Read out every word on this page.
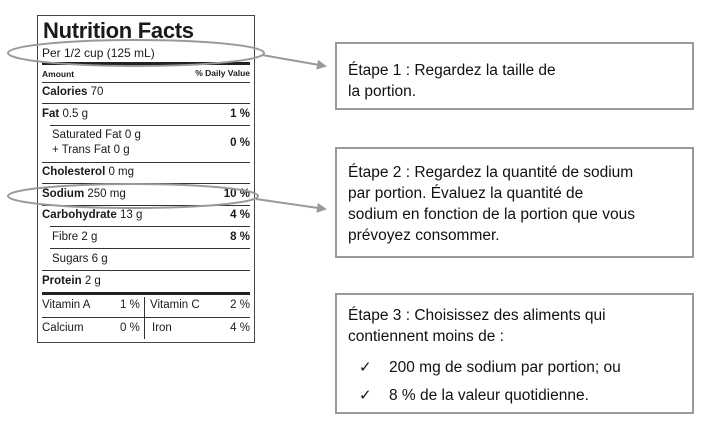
Nutrition Facts
Per 1/2 cup (125 mL)
Amount	% Daily Value
Calories 70
Fat 0.5 g	1 %
Saturated Fat 0 g
+ Trans Fat 0 g
0 %
Cholesterol 0 mg
Sodium 250 mg	10 %
Carbohydrate 13 g	4 %
Fibre 2 g	8 %
Sugars 6 g
Protein 2 g
Vitamin A	1 % Vitamin C	2 %
Calcium	0 % Iron	4 %
Étape 1 : Regardez la taille de
la portion.
Étape 2 : Regardez la quantité de sodium
par portion. Évaluez la quantité de
sodium en fonction de la portion que vous
prévoyez consommer.
Étape 3 : Choisissez des aliments qui
contiennent moins de :
✓ 200 mg de sodium par portion; ou
✓ 8 % de la valeur quotidienne.
